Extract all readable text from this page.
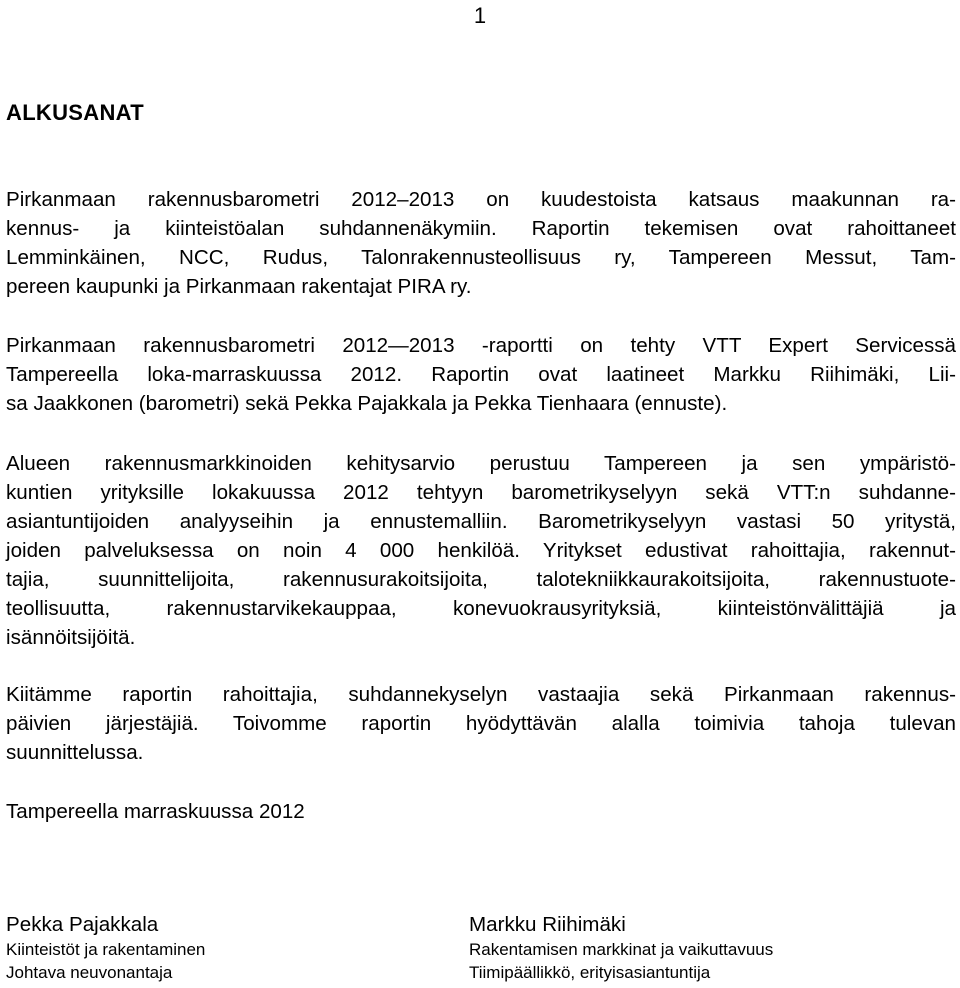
1
ALKUSANAT
Pirkanmaan rakennusbarometri 2012–2013 on kuudestoista katsaus maakunnan ra-
kennus- ja kiinteistöalan suhdannenäkymiin. Raportin tekemisen ovat rahoittaneet
Lemminkäinen, NCC, Rudus, Talonrakennusteollisuus ry, Tampereen Messut, Tam-
pereen kaupunki ja Pirkanmaan rakentajat PIRA ry.
Pirkanmaan rakennusbarometri 2012—2013 -raportti on tehty VTT Expert Servicessä
Tampereella loka-marraskuussa 2012. Raportin ovat laatineet Markku Riihimäki, Lii-
sa Jaakkonen (barometri) sekä Pekka Pajakkala ja Pekka Tienhaara (ennuste).
Alueen rakennusmarkkinoiden kehitysarvio perustuu Tampereen ja sen ympäristö-
kuntien yrityksille lokakuussa 2012 tehtyyn barometrikyselyyn sekä VTT:n suhdanne-
asiantuntijoiden analyyseihin ja ennustemalliin. Barometrikyselyyn vastasi 50 yritystä,
joiden palveluksessa on noin 4 000 henkilöä. Yritykset edustivat rahoittajia, rakennut-
tajia, suunnittelijoita, rakennusurakoitsijoita, talotekniikkaurakoitsijoita, rakennustuote-
teollisuutta, rakennustarvikekauppaa, konevuokrausyrityksiä, kiinteistönvälittäjiä ja
isännöitsijöitä.
Kiitämme raportin rahoittajia, suhdannekyselyn vastaajia sekä Pirkanmaan rakennus-
päivien järjestäjiä. Toivomme raportin hyödyttävän alalla toimivia tahoja tulevan
suunnittelussa.
Tampereella marraskuussa 2012
Pekka Pajakkala
Kiinteistöt ja rakentaminen
Johtava neuvonantaja
Markku Riihimäki
Rakentamisen markkinat ja vaikuttavuus
Tiimipäällikkö, erityisasiantuntija
